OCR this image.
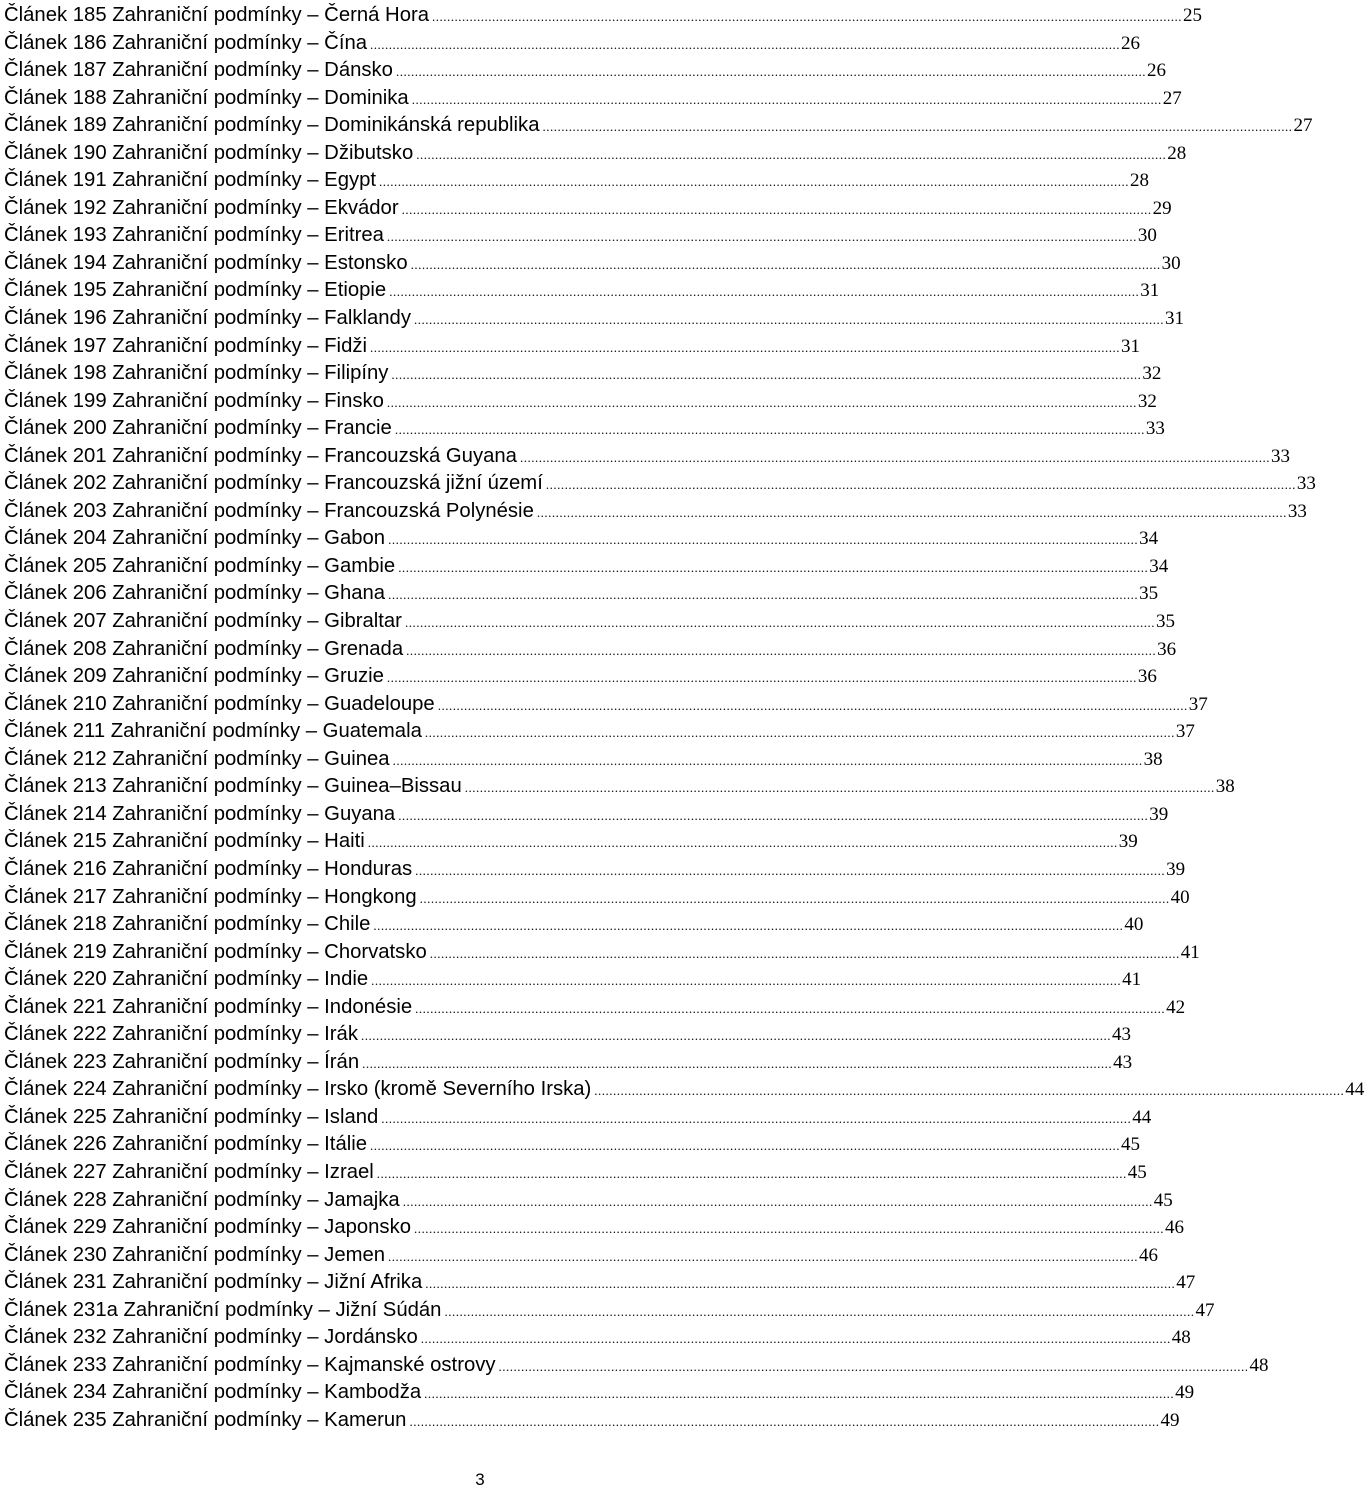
Článek 185 Zahraniční podmínky – Černá Hora ........................................................................................................................................................................................................ 25
Článek 186 Zahraniční podmínky – Čína ........................................................................................................................................................................................................ 26
Článek 187 Zahraniční podmínky – Dánsko ........................................................................................................................................................................................................ 26
Článek 188 Zahraniční podmínky – Dominika ........................................................................................................................................................................................................ 27
Článek 189 Zahraniční podmínky – Dominikánská republika ........................................................................................................................................................................................................ 27
Článek 190 Zahraniční podmínky – Džibutsko ........................................................................................................................................................................................................ 28
Článek 191 Zahraniční podmínky – Egypt ........................................................................................................................................................................................................ 28
Článek 192 Zahraniční podmínky – Ekvádor ........................................................................................................................................................................................................ 29
Článek 193 Zahraniční podmínky – Eritrea ........................................................................................................................................................................................................ 30
Článek 194 Zahraniční podmínky – Estonsko ........................................................................................................................................................................................................ 30
Článek 195 Zahraniční podmínky – Etiopie ........................................................................................................................................................................................................ 31
Článek 196 Zahraniční podmínky – Falklandy ........................................................................................................................................................................................................ 31
Článek 197 Zahraniční podmínky – Fidži ........................................................................................................................................................................................................ 31
Článek 198 Zahraniční podmínky – Filipíny ........................................................................................................................................................................................................ 32
Článek 199 Zahraniční podmínky – Finsko ........................................................................................................................................................................................................ 32
Článek 200 Zahraniční podmínky – Francie ........................................................................................................................................................................................................ 33
Článek 201 Zahraniční podmínky – Francouzská Guyana ........................................................................................................................................................................................................ 33
Článek 202 Zahraniční podmínky – Francouzská jižní území ........................................................................................................................................................................................................ 33
Článek 203 Zahraniční podmínky – Francouzská Polynésie ........................................................................................................................................................................................................ 33
Článek 204 Zahraniční podmínky – Gabon ........................................................................................................................................................................................................ 34
Článek 205 Zahraniční podmínky – Gambie ........................................................................................................................................................................................................ 34
Článek 206 Zahraniční podmínky – Ghana ........................................................................................................................................................................................................ 35
Článek 207 Zahraniční podmínky – Gibraltar ........................................................................................................................................................................................................ 35
Článek 208 Zahraniční podmínky – Grenada ........................................................................................................................................................................................................ 36
Článek 209 Zahraniční podmínky – Gruzie ........................................................................................................................................................................................................ 36
Článek 210 Zahraniční podmínky – Guadeloupe ........................................................................................................................................................................................................ 37
Článek 211 Zahraniční podmínky – Guatemala ........................................................................................................................................................................................................ 37
Článek 212 Zahraniční podmínky – Guinea ........................................................................................................................................................................................................ 38
Článek 213 Zahraniční podmínky – Guinea–Bissau ........................................................................................................................................................................................................ 38
Článek 214 Zahraniční podmínky – Guyana ........................................................................................................................................................................................................ 39
Článek 215 Zahraniční podmínky – Haiti ........................................................................................................................................................................................................ 39
Článek 216 Zahraniční podmínky – Honduras ........................................................................................................................................................................................................ 39
Článek 217 Zahraniční podmínky – Hongkong ........................................................................................................................................................................................................ 40
Článek 218 Zahraniční podmínky – Chile ........................................................................................................................................................................................................ 40
Článek 219 Zahraniční podmínky – Chorvatsko ........................................................................................................................................................................................................ 41
Článek 220 Zahraniční podmínky – Indie ........................................................................................................................................................................................................ 41
Článek 221 Zahraniční podmínky – Indonésie ........................................................................................................................................................................................................ 42
Článek 222 Zahraniční podmínky – Irák ........................................................................................................................................................................................................ 43
Článek 223 Zahraniční podmínky – Írán ........................................................................................................................................................................................................ 43
Článek 224 Zahraniční podmínky – Irsko (kromě Severního Irska) ........................................................................................................................................................................................................ 44
Článek 225 Zahraniční podmínky – Island ........................................................................................................................................................................................................ 44
Článek 226 Zahraniční podmínky – Itálie ........................................................................................................................................................................................................ 45
Článek 227 Zahraniční podmínky – Izrael ........................................................................................................................................................................................................ 45
Článek 228 Zahraniční podmínky – Jamajka ........................................................................................................................................................................................................ 45
Článek 229 Zahraniční podmínky – Japonsko ........................................................................................................................................................................................................ 46
Článek 230 Zahraniční podmínky – Jemen ........................................................................................................................................................................................................ 46
Článek 231 Zahraniční podmínky – Jižní Afrika ........................................................................................................................................................................................................ 47
Článek 231a Zahraniční podmínky – Jižní Súdán ........................................................................................................................................................................................................ 47
Článek 232 Zahraniční podmínky – Jordánsko ........................................................................................................................................................................................................ 48
Článek 233 Zahraniční podmínky – Kajmanské ostrovy ........................................................................................................................................................................................................ 48
Článek 234 Zahraniční podmínky – Kambodža ........................................................................................................................................................................................................ 49
Článek 235 Zahraniční podmínky – Kamerun ........................................................................................................................................................................................................ 49
3
